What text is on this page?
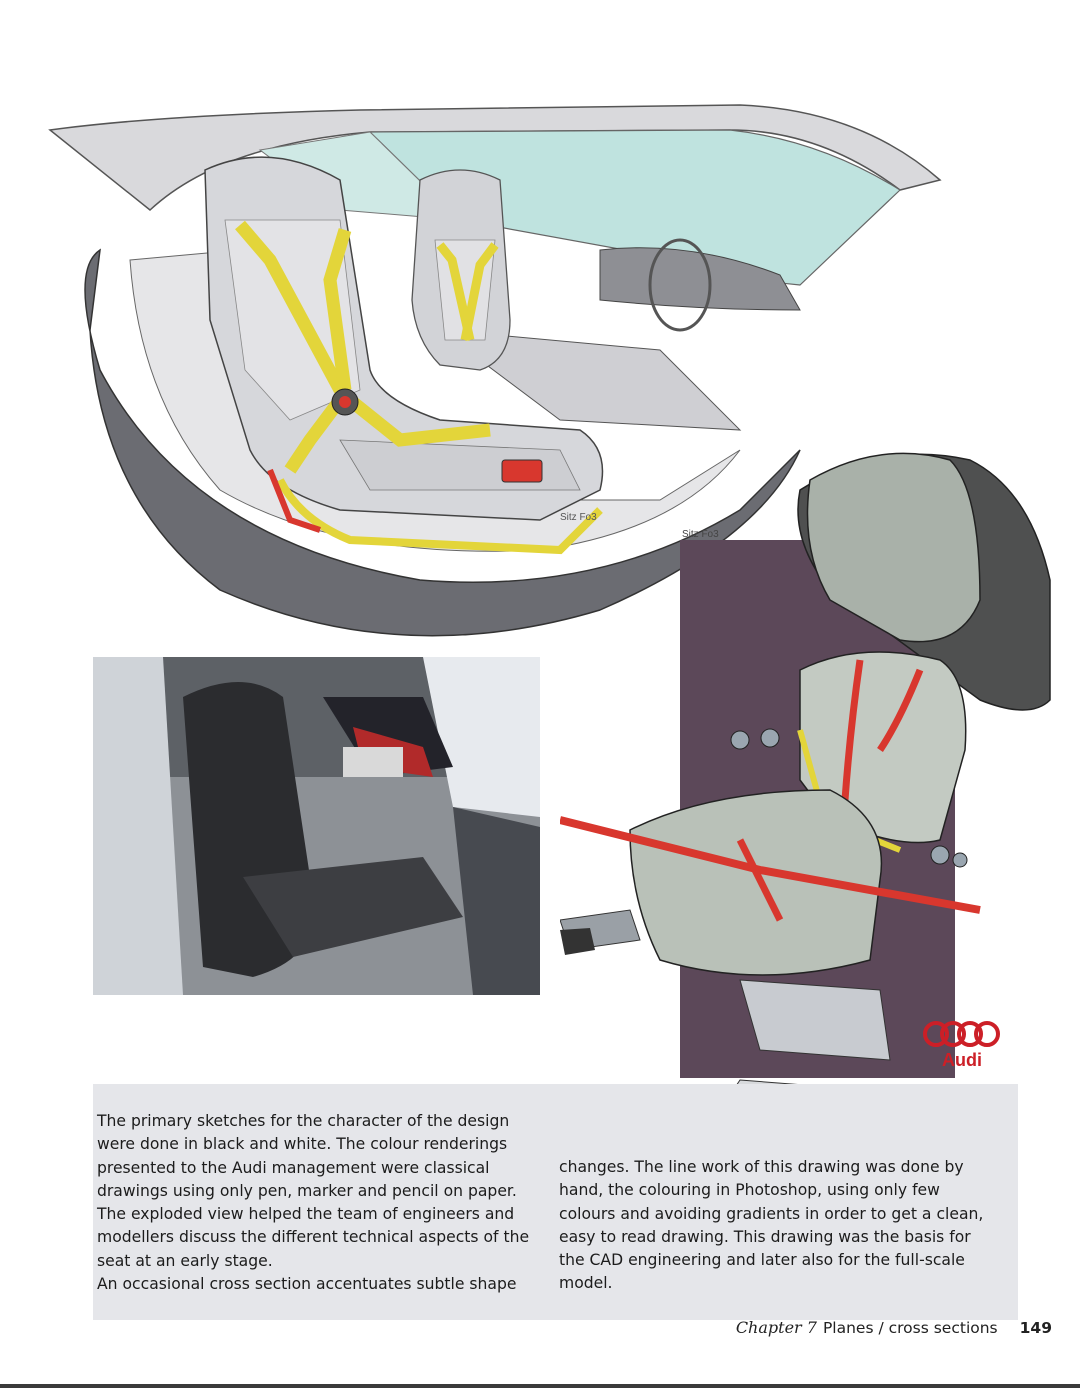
Sitz Fo3
Sitz Fo3
Audi

The primary sketches for the character of the design

were done in black and white. The colour renderings

presented to the Audi management were classical

drawings using only pen, marker and pencil on paper.

The exploded view helped the team of engineers and

modellers discuss the different technical aspects of the

seat at an early stage.

An occasional cross section accentuates subtle shape

changes. The line work of this drawing was done by

hand, the colouring in Photoshop, using only few

colours and avoiding gradients in order to get a clean,

easy to read drawing. This drawing was the basis for

the CAD engineering and later also for the full-scale

model.

Chapter 7 Planes / cross sections 149
